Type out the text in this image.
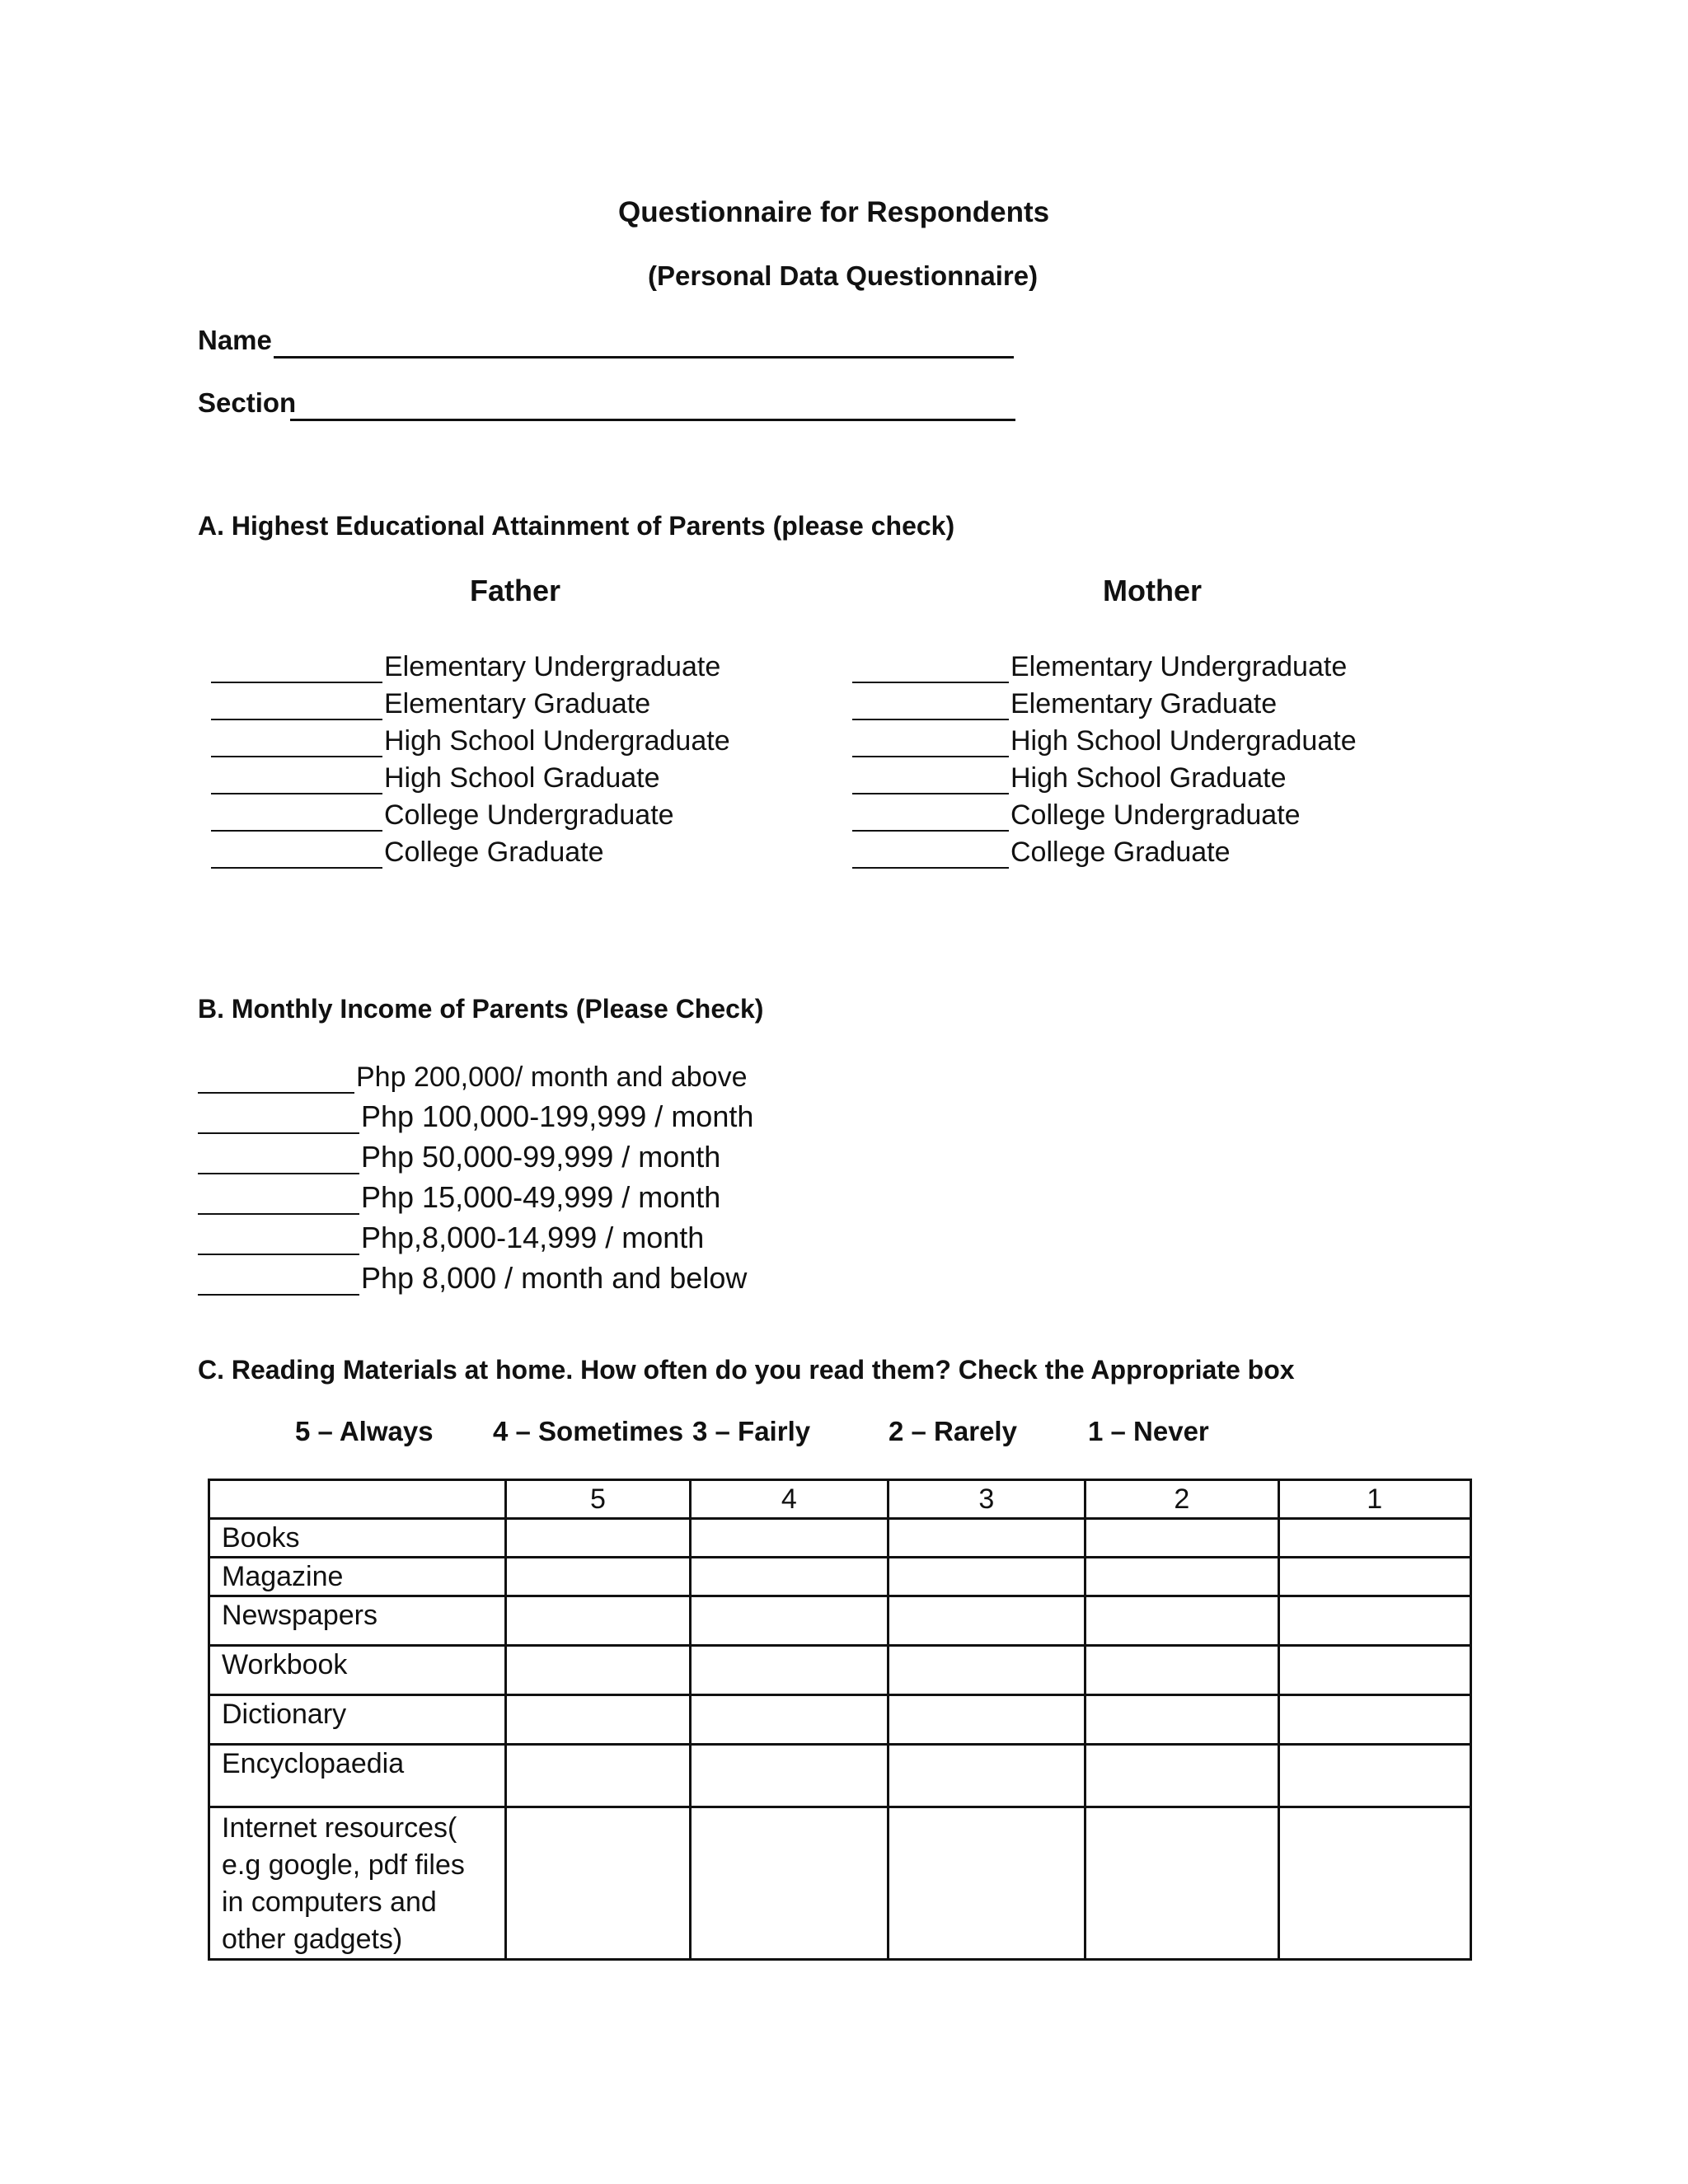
Questionnaire for Respondents
(Personal Data Questionnaire)
Name
Section
A. Highest Educational Attainment of Parents (please check)
Father	Mother
Elementary Undergraduate
Elementary Graduate
High School Undergraduate
High School Graduate
College Undergraduate
College Graduate
Elementary Undergraduate
Elementary Graduate
High School Undergraduate
High School Graduate
College Undergraduate
College Graduate
B. Monthly Income of Parents (Please Check)
Php 200,000/ month and above
Php 100,000-199,999 / month
Php 50,000-99,999 / month
Php 15,000-49,999 / month
Php,8,000-14,999 / month
Php 8,000 / month and below
C. Reading Materials at home. How often do you read them? Check the Appropriate box
5 – Always 4 – Sometimes 3 – Fairly	2 – Rarely	1 – Never
	5	4	3	2	1
Books					
Magazine					
Newspapers					
Workbook					
Dictionary					
Encyclopaedia					

Internet resources(
e.g google, pdf files
in computers and
other gadgets)					
